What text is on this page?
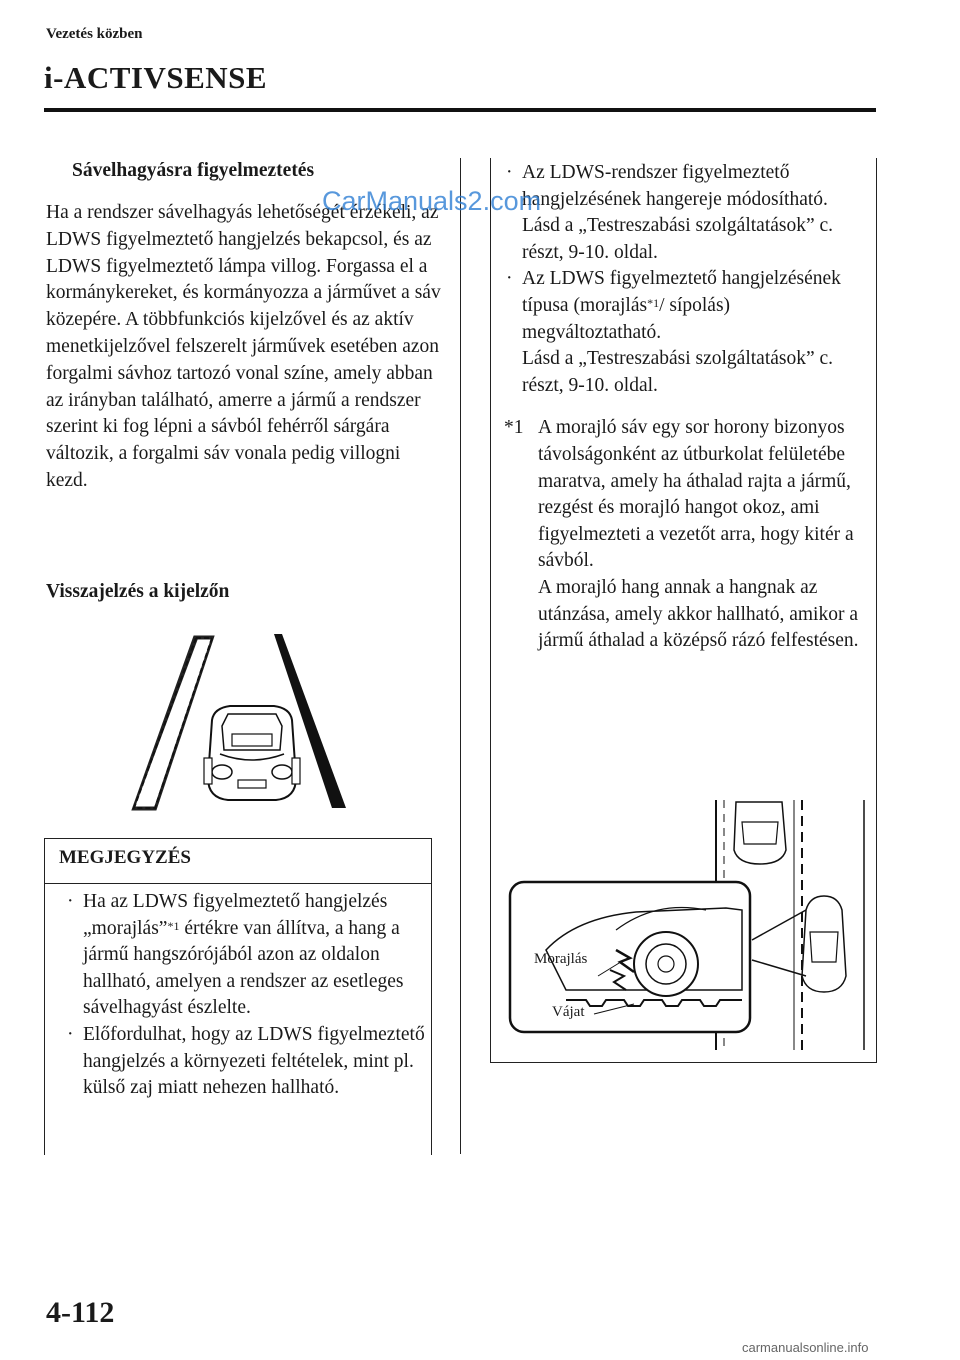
Vezetés közben
i-ACTIVSENSE
Sávelhagyásra figyelmeztetés
Ha a rendszer sávelhagyás lehetőségét érzékeli, az LDWS figyelmeztető hangjelzés bekapcsol, és az LDWS figyelmeztető lámpa villog. Forgassa el a kormánykereket, és kormányozza a járművet a sáv közepére. A többfunkciós kijelzővel és az aktív menetkijelzővel felszerelt járművek esetében azon forgalmi sávhoz tartozó vonal színe, amely abban az irányban található, amerre a jármű a rendszer szerint ki fog lépni a sávból fehérről sárgára változik, a forgalmi sáv vonala pedig villogni kezd.
Visszajelzés a kijelzőn
MEGJEGYZÉS
· Ha az LDWS figyelmeztető hangjelzés „morajlás”$^{*1}$ értékre van állítva, a hang a jármű hangszórójából azon az oldalon hallható, amelyen a rendszer az esetleges sávelhagyást észlelte.
· Előfordulhat, hogy az LDWS figyelmeztető hangjelzés a környezeti feltételek, mint pl. külső zaj miatt nehezen hallható.
· Az LDWS-rendszer figyelmeztető hangjelzésének hangereje módosítható.
Lásd a „Testreszabási szolgáltatások” c. részt, 9-10. oldal.
· Az LDWS figyelmeztető hangjelzésének típusa (morajlás$^{*1}$/ sípolás) megváltoztatható.
Lásd a „Testreszabási szolgáltatások” c. részt, 9-10. oldal.
*1 A morajló sáv egy sor horony bizonyos távolságonként az útburkolat felületébe maratva, amely ha áthalad rajta a jármű, rezgést és morajló hangot okoz, ami figyelmezteti a vezetőt arra, hogy kitér a sávból.
A morajló hang annak a hangnak az utánzása, amely akkor hallható, amikor a jármű áthalad a középső rázó felfestésen.
Morajlás
Vájat
4-112
CarManuals2.com
carmanualsonline.info
